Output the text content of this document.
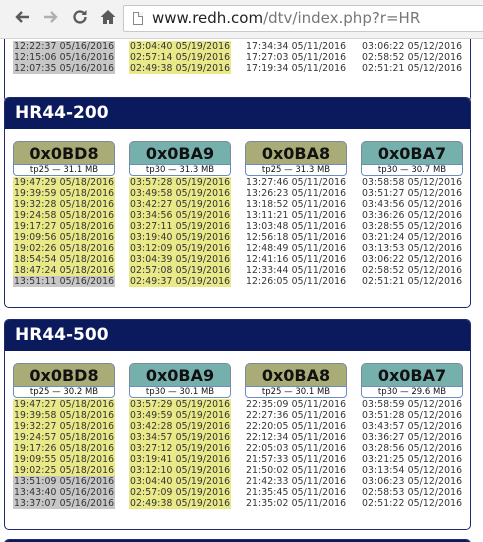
www.redh.com/dtv/index.php?r=HR
12:22:37 05/16/2016
12:15:06 05/16/2016
12:07:35 05/16/2016
03:04:40 05/19/2016
02:57:14 05/19/2016
02:49:38 05/19/2016
17:34:34 05/11/2016
17:27:03 05/11/2016
17:19:34 05/11/2016
03:06:22 05/12/2016
02:58:52 05/12/2016
02:51:21 05/12/2016
HR44-200
0x0BD8
tp25 — 31.1 MB
19:47:29 05/18/2016
19:39:59 05/18/2016
19:32:28 05/18/2016
19:24:58 05/18/2016
19:17:27 05/18/2016
19:09:56 05/18/2016
19:02:26 05/18/2016
18:54:54 05/18/2016
18:47:24 05/18/2016
13:51:11 05/16/2016
0x0BA9
tp30 — 31.3 MB
03:57:28 05/19/2016
03:49:58 05/19/2016
03:42:27 05/19/2016
03:34:56 05/19/2016
03:27:11 05/19/2016
03:19:40 05/19/2016
03:12:09 05/19/2016
03:04:39 05/19/2016
02:57:08 05/19/2016
02:49:37 05/19/2016
0x0BA8
tp25 — 31.3 MB
13:27:46 05/11/2016
13:26:23 05/11/2016
13:18:52 05/11/2016
13:11:21 05/11/2016
13:03:48 05/11/2016
12:56:18 05/11/2016
12:48:49 05/11/2016
12:41:16 05/11/2016
12:33:44 05/11/2016
12:26:05 05/11/2016
0x0BA7
tp30 — 30.7 MB
03:58:58 05/12/2016
03:51:27 05/12/2016
03:43:56 05/12/2016
03:36:26 05/12/2016
03:28:55 05/12/2016
03:21:24 05/12/2016
03:13:53 05/12/2016
03:06:22 05/12/2016
02:58:52 05/12/2016
02:51:21 05/12/2016
HR44-500
0x0BD8
tp25 — 30.2 MB
19:47:27 05/18/2016
19:39:58 05/18/2016
19:32:27 05/18/2016
19:24:57 05/18/2016
19:17:26 05/18/2016
19:09:55 05/18/2016
19:02:25 05/18/2016
13:51:09 05/16/2016
13:43:40 05/16/2016
13:37:07 05/16/2016
0x0BA9
tp30 — 30.1 MB
03:57:29 05/19/2016
03:49:59 05/19/2016
03:42:28 05/19/2016
03:34:57 05/19/2016
03:27:12 05/19/2016
03:19:41 05/19/2016
03:12:10 05/19/2016
03:04:40 05/19/2016
02:57:09 05/19/2016
02:49:38 05/19/2016
0x0BA8
tp25 — 30.1 MB
22:35:09 05/11/2016
22:27:36 05/11/2016
22:20:05 05/11/2016
22:12:34 05/11/2016
22:05:03 05/11/2016
21:57:33 05/11/2016
21:50:02 05/11/2016
21:42:33 05/11/2016
21:35:45 05/11/2016
21:35:02 05/11/2016
0x0BA7
tp30 — 29.6 MB
03:58:59 05/12/2016
03:51:28 05/12/2016
03:43:57 05/12/2016
03:36:27 05/12/2016
03:28:56 05/12/2016
03:21:25 05/12/2016
03:13:54 05/12/2016
03:06:23 05/12/2016
02:58:53 05/12/2016
02:51:22 05/12/2016
